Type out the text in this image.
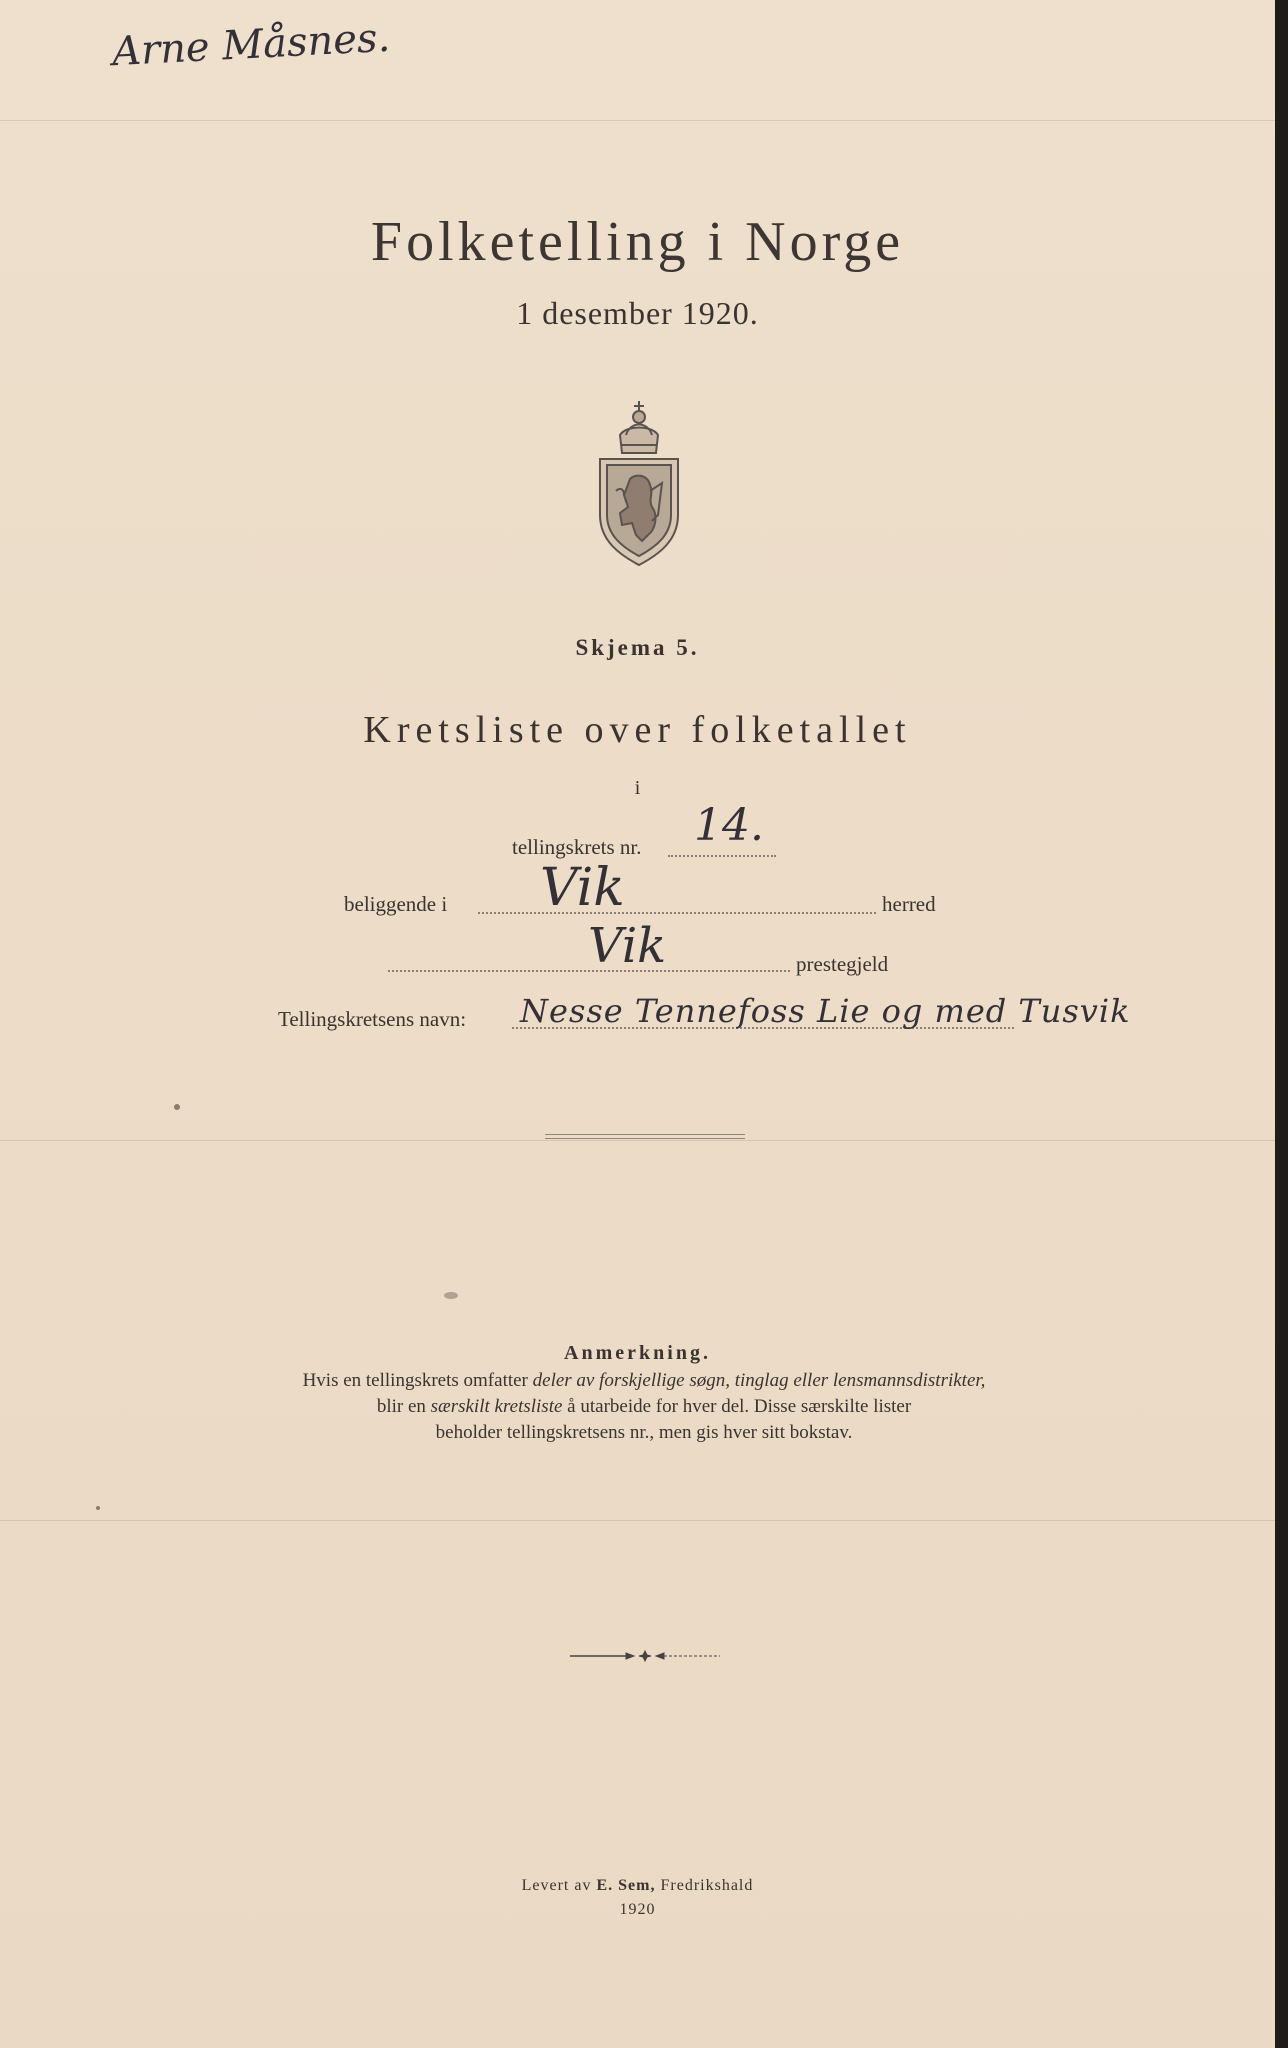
Arne Måsnes.
Folketelling i Norge
1 desember 1920.
Skjema 5.
Kretsliste over folketallet
i
tellingskrets nr. 14.
beliggende i Vik	herred
Vik	prestegjeld
Tellingskretsens navn: Nesse Tennefoss Lie og med Tusvik
Anmerkning.
Hvis en tellingskrets omfatter deler av forskjellige søgn, tinglag eller lensmannsdistrikter,
blir en særskilt kretsliste å utarbeide for hver del. Disse særskilte lister
beholder tellingskretsens nr., men gis hver sitt bokstav.
Levert av E. Sem, Fredrikshald
1920
